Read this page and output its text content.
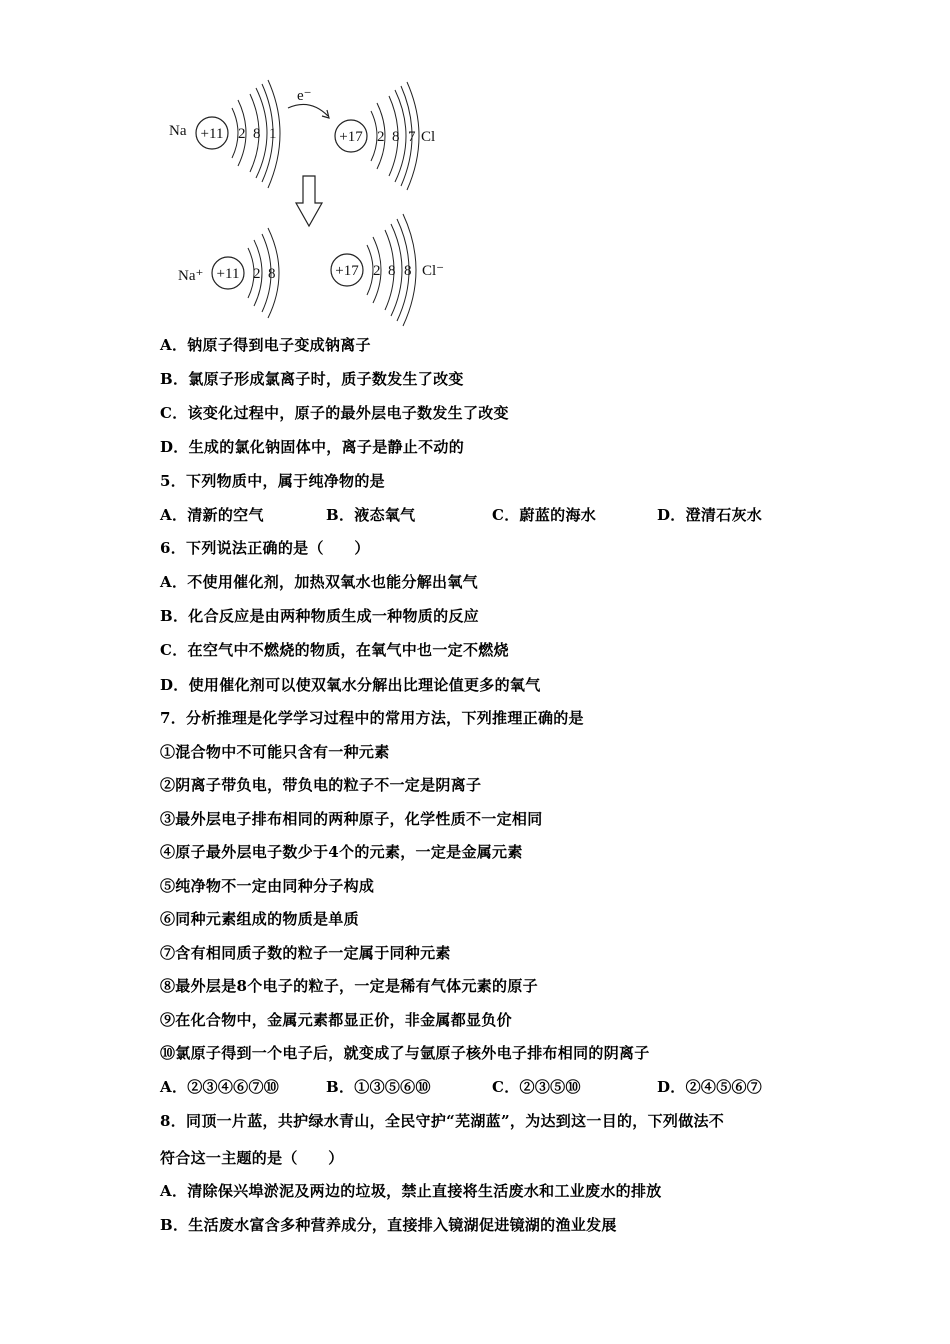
Na +11 2 8 1
e⁻
+17 2 8 7 Cl
Na⁺ +11 2 8	+17 2 8 8 Cl⁻
A．钠原子得到电子变成钠离子
B．氯原子形成氯离子时，质子数发生了改变
C．该变化过程中，原子的最外层电子数发生了改变
D．生成的氯化钠固体中，离子是静止不动的
5．下列物质中，属于纯净物的是
A．清新的空气	B．液态氧气	C．蔚蓝的海水	D．澄清石灰水
6．下列说法正确的是（　　）
A．不使用催化剂，加热双氧水也能分解出氧气
B．化合反应是由两种物质生成一种物质的反应
C．在空气中不燃烧的物质，在氧气中也一定不燃烧
D．使用催化剂可以使双氧水分解出比理论值更多的氧气
7．分析推理是化学学习过程中的常用方法，下列推理正确的是
①混合物中不可能只含有一种元素
②阴离子带负电，带负电的粒子不一定是阴离子
③最外层电子排布相同的两种原子，化学性质不一定相同
④原子最外层电子数少于4个的元素，一定是金属元素
⑤纯净物不一定由同种分子构成
⑥同种元素组成的物质是单质
⑦含有相同质子数的粒子一定属于同种元素
⑧最外层是8个电子的粒子，一定是稀有气体元素的原子
⑨在化合物中，金属元素都显正价，非金属都显负价
⑩氯原子得到一个电子后，就变成了与氩原子核外电子排布相同的阴离子
A．②③④⑥⑦⑩	B．①③⑤⑥⑩	C．②③⑤⑩	D．②④⑤⑥⑦
8．同顶一片蓝，共护绿水青山，全民守护“芜湖蓝”，为达到这一目的，下列做法不
符合这一主题的是（　　）
A．清除保兴埠淤泥及两边的垃圾，禁止直接将生活废水和工业废水的排放
B．生活废水富含多种营养成分，直接排入镜湖促进镜湖的渔业发展
